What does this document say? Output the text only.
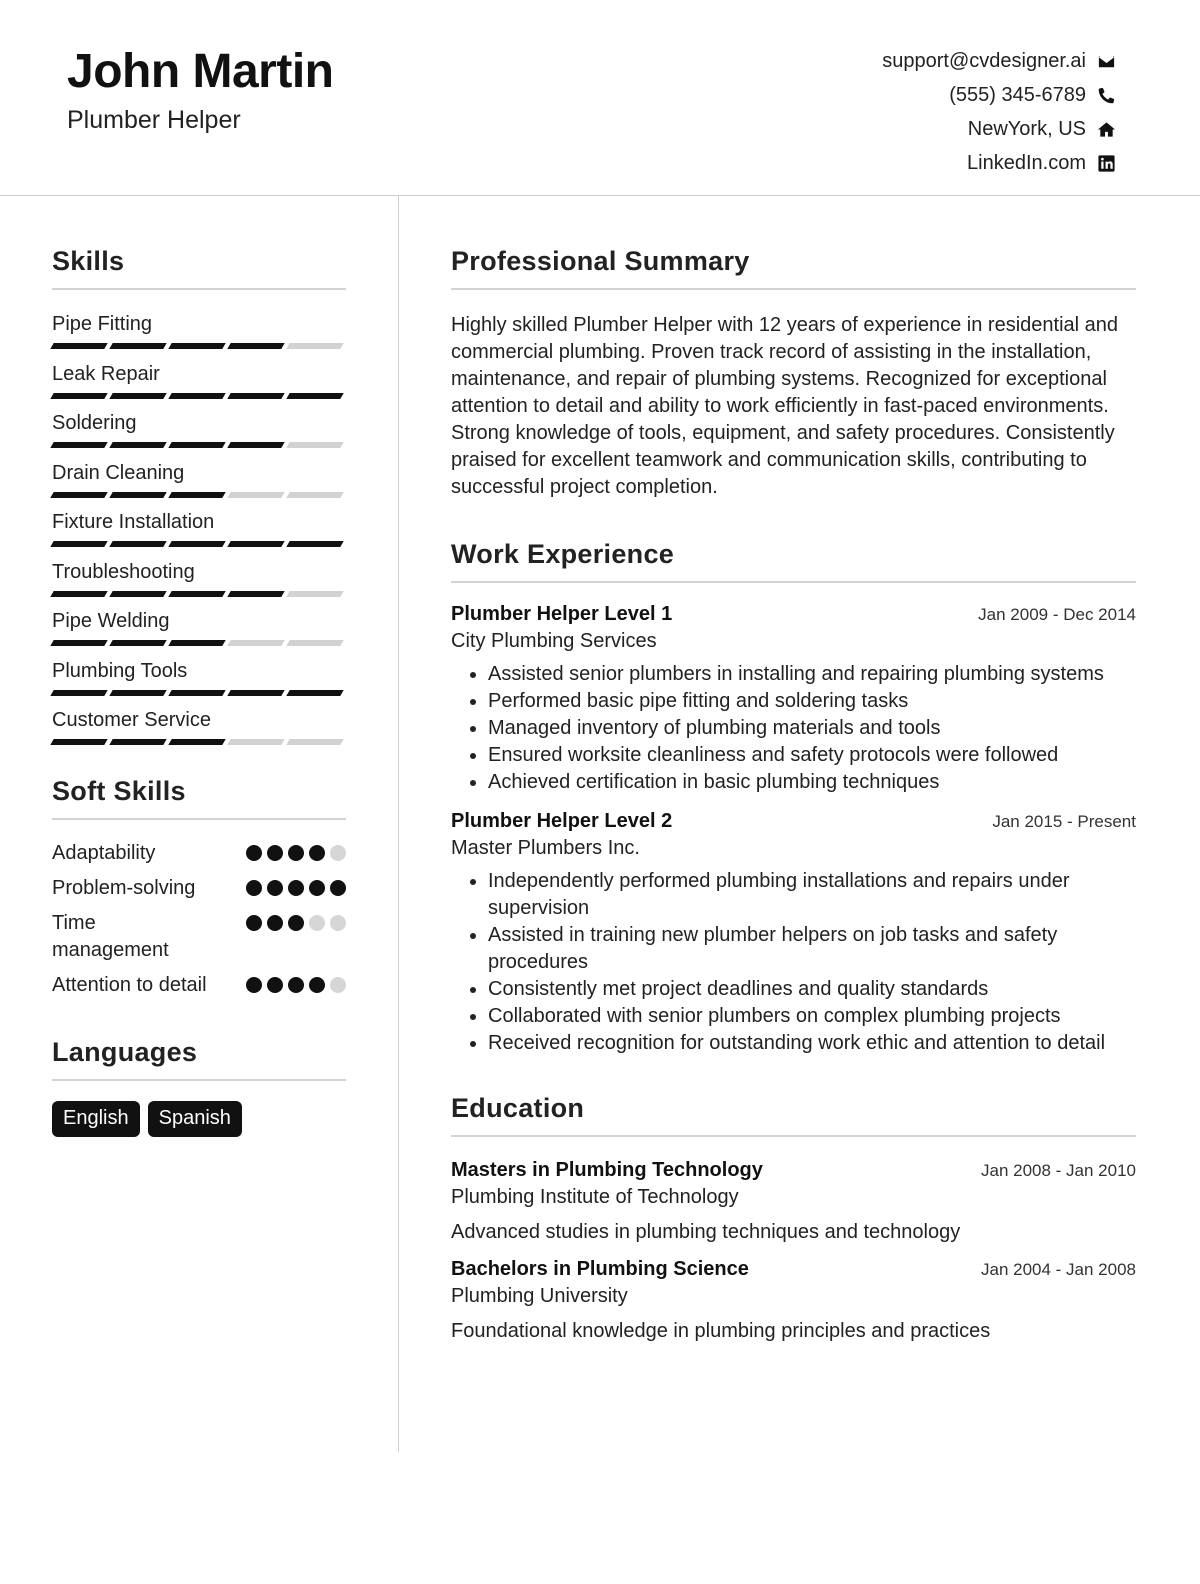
John Martin
Plumber Helper
support@cvdesigner.ai
(555) 345-6789
NewYork, US
LinkedIn.com
Skills
Pipe Fitting
Leak Repair
Soldering
Drain Cleaning
Fixture Installation
Troubleshooting
Pipe Welding
Plumbing Tools
Customer Service
Soft Skills
Adaptability
Problem-solving
Time management
Attention to detail
Languages
English	Spanish
Professional Summary
Highly skilled Plumber Helper with 12 years of experience in residential and commercial plumbing. Proven track record of assisting in the installation, maintenance, and repair of plumbing systems. Recognized for exceptional attention to detail and ability to work efficiently in fast-paced environments. Strong knowledge of tools, equipment, and safety procedures. Consistently praised for excellent teamwork and communication skills, contributing to successful project completion.
Work Experience
Plumber Helper Level 1	Jan 2009 - Dec 2014
City Plumbing Services
• Assisted senior plumbers in installing and repairing plumbing systems
• Performed basic pipe fitting and soldering tasks
• Managed inventory of plumbing materials and tools
• Ensured worksite cleanliness and safety protocols were followed
• Achieved certification in basic plumbing techniques
Plumber Helper Level 2	Jan 2015 - Present
Master Plumbers Inc.
• Independently performed plumbing installations and repairs under supervision
• Assisted in training new plumber helpers on job tasks and safety procedures
• Consistently met project deadlines and quality standards
• Collaborated with senior plumbers on complex plumbing projects
• Received recognition for outstanding work ethic and attention to detail
Education
Masters in Plumbing Technology	Jan 2008 - Jan 2010
Plumbing Institute of Technology
Advanced studies in plumbing techniques and technology
Bachelors in Plumbing Science	Jan 2004 - Jan 2008
Plumbing University
Foundational knowledge in plumbing principles and practices
